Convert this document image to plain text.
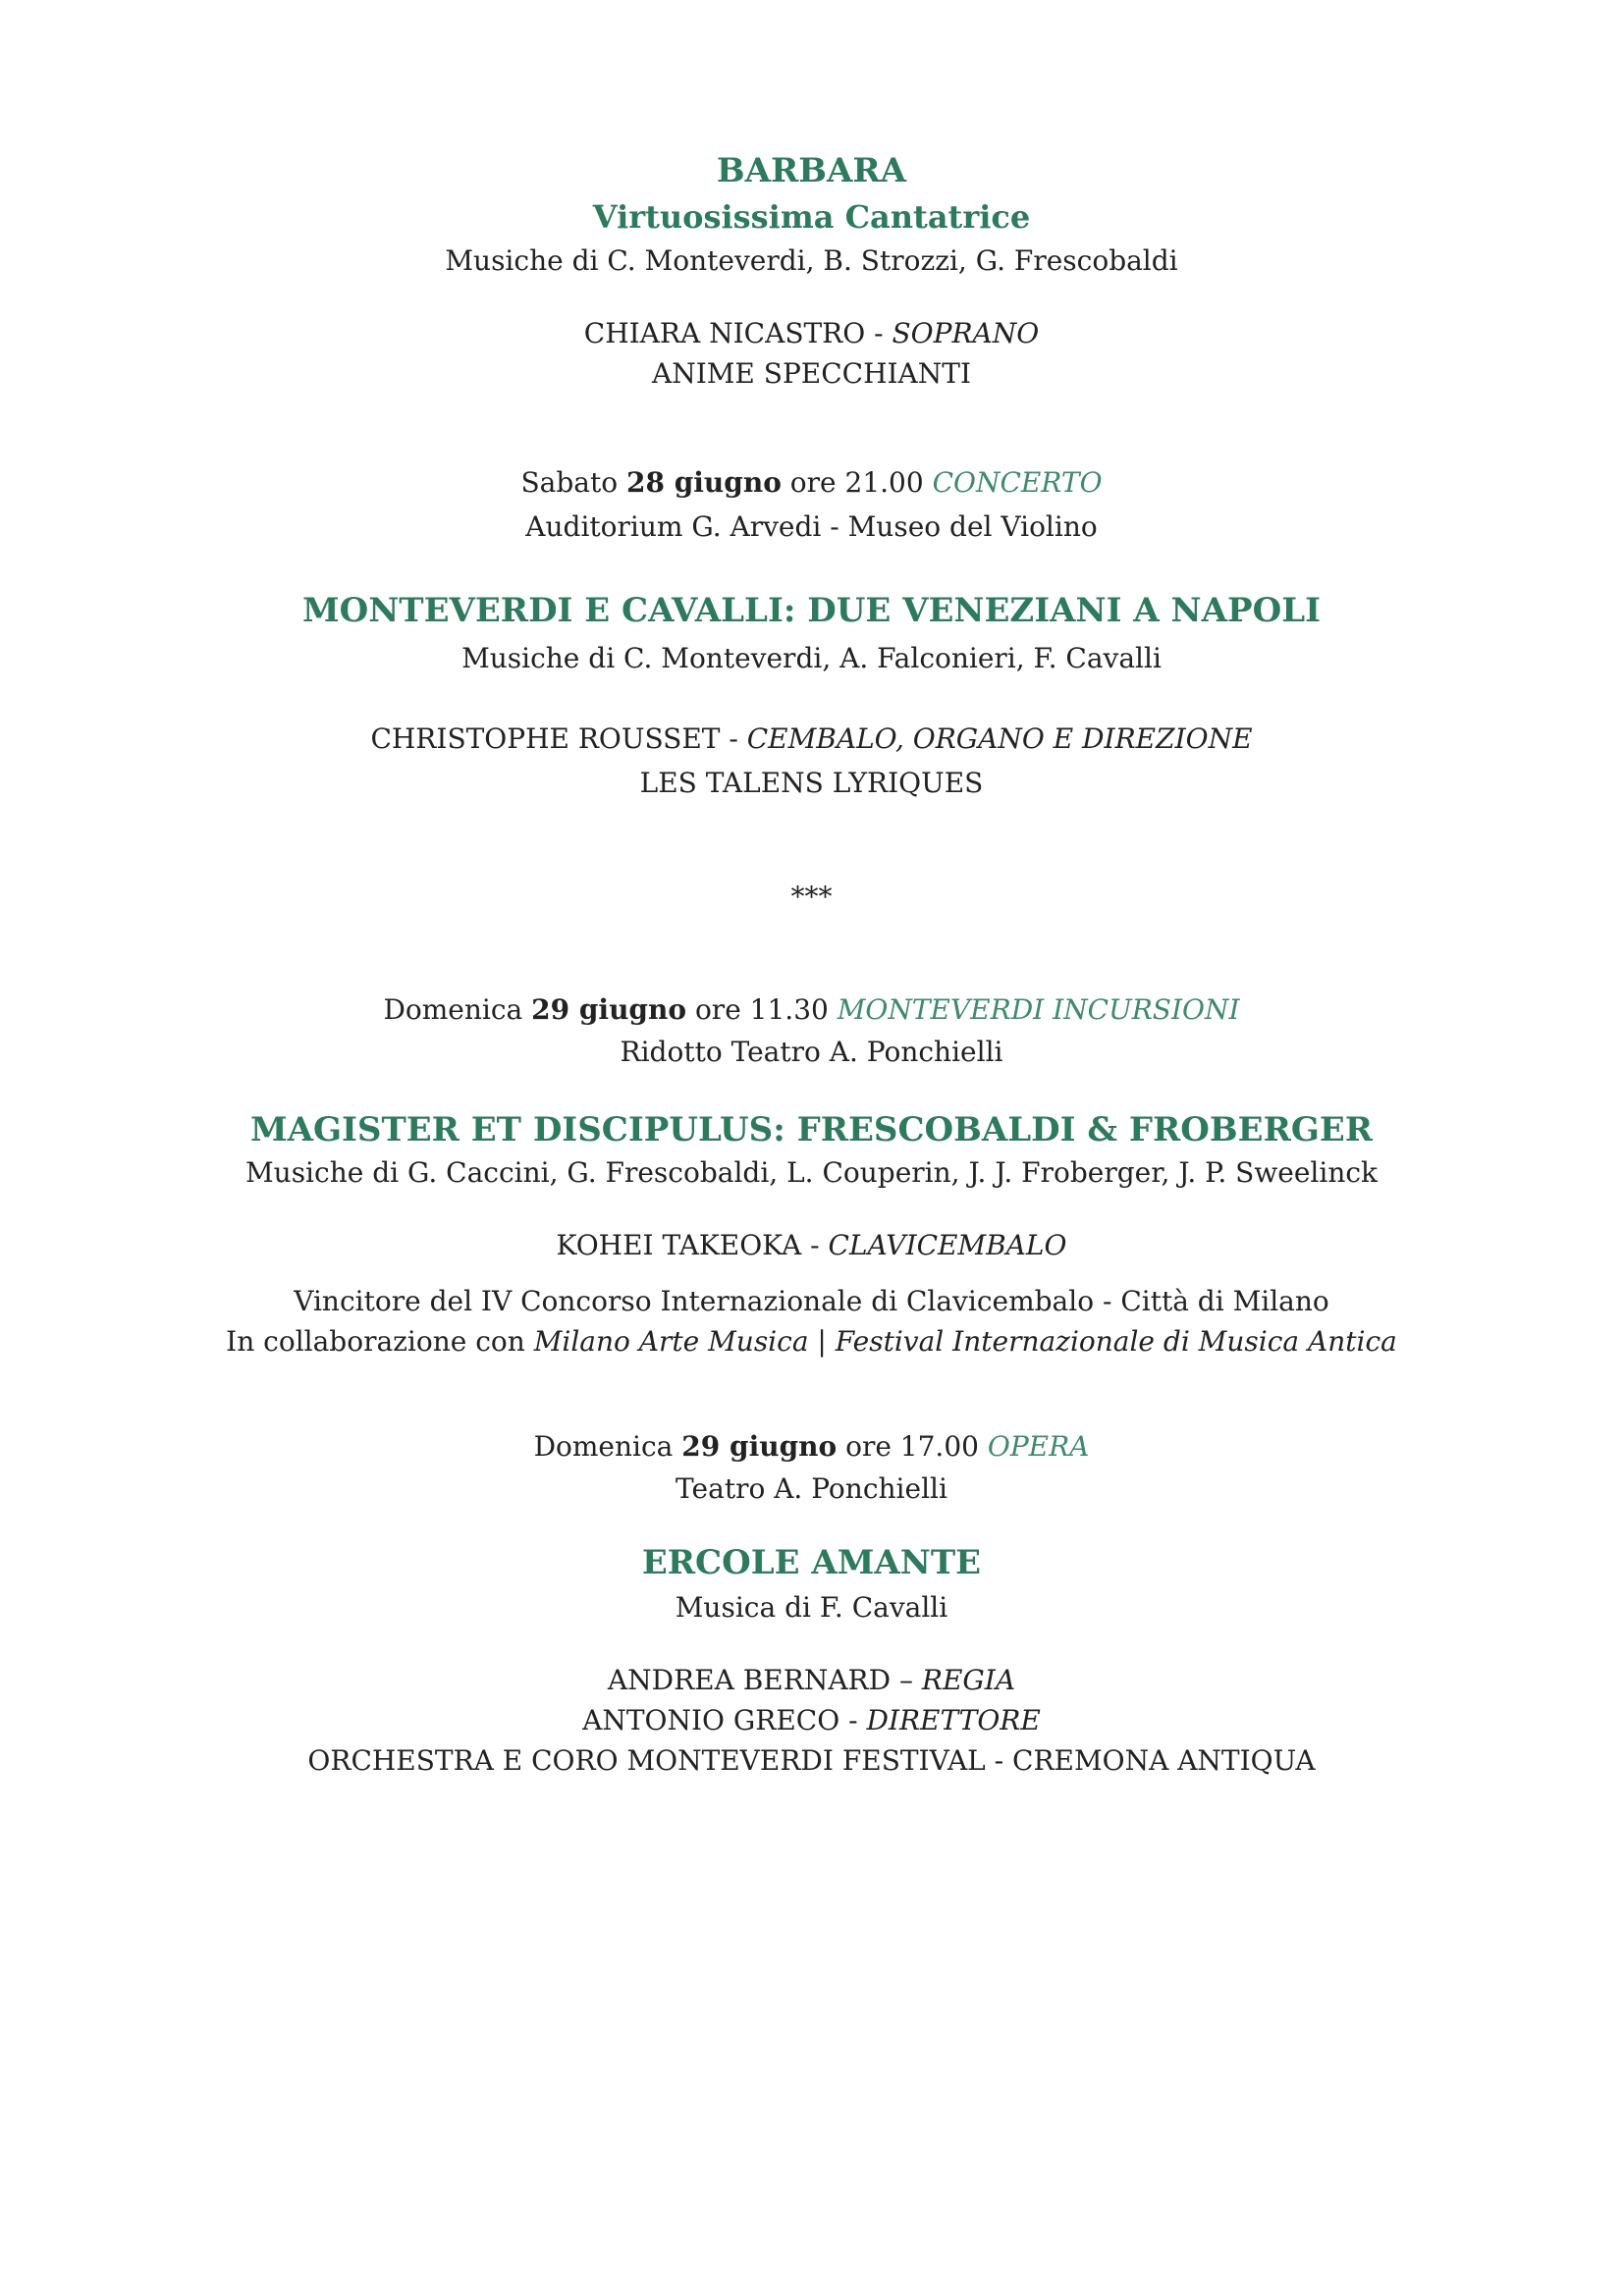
BARBARA
Virtuosissima Cantatrice
Musiche di C. Monteverdi, B. Strozzi, G. Frescobaldi
CHIARA NICASTRO - SOPRANO
ANIME SPECCHIANTI
Sabato 28 giugno ore 21.00 CONCERTO
Auditorium G. Arvedi - Museo del Violino
MONTEVERDI E CAVALLI: DUE VENEZIANI A NAPOLI
Musiche di C. Monteverdi, A. Falconieri, F. Cavalli
CHRISTOPHE ROUSSET - CEMBALO, ORGANO E DIREZIONE
LES TALENS LYRIQUES
***
Domenica 29 giugno ore 11.30 MONTEVERDI INCURSIONI
Ridotto Teatro A. Ponchielli
MAGISTER ET DISCIPULUS: FRESCOBALDI & FROBERGER
Musiche di G. Caccini, G. Frescobaldi, L. Couperin, J. J. Froberger, J. P. Sweelinck
KOHEI TAKEOKA - CLAVICEMBALO
Vincitore del IV Concorso Internazionale di Clavicembalo - Città di Milano
In collaborazione con Milano Arte Musica | Festival Internazionale di Musica Antica
Domenica 29 giugno ore 17.00 OPERA
Teatro A. Ponchielli
ERCOLE AMANTE
Musica di F. Cavalli
ANDREA BERNARD – REGIA
ANTONIO GRECO - DIRETTORE
ORCHESTRA E CORO MONTEVERDI FESTIVAL - CREMONA ANTIQUA
